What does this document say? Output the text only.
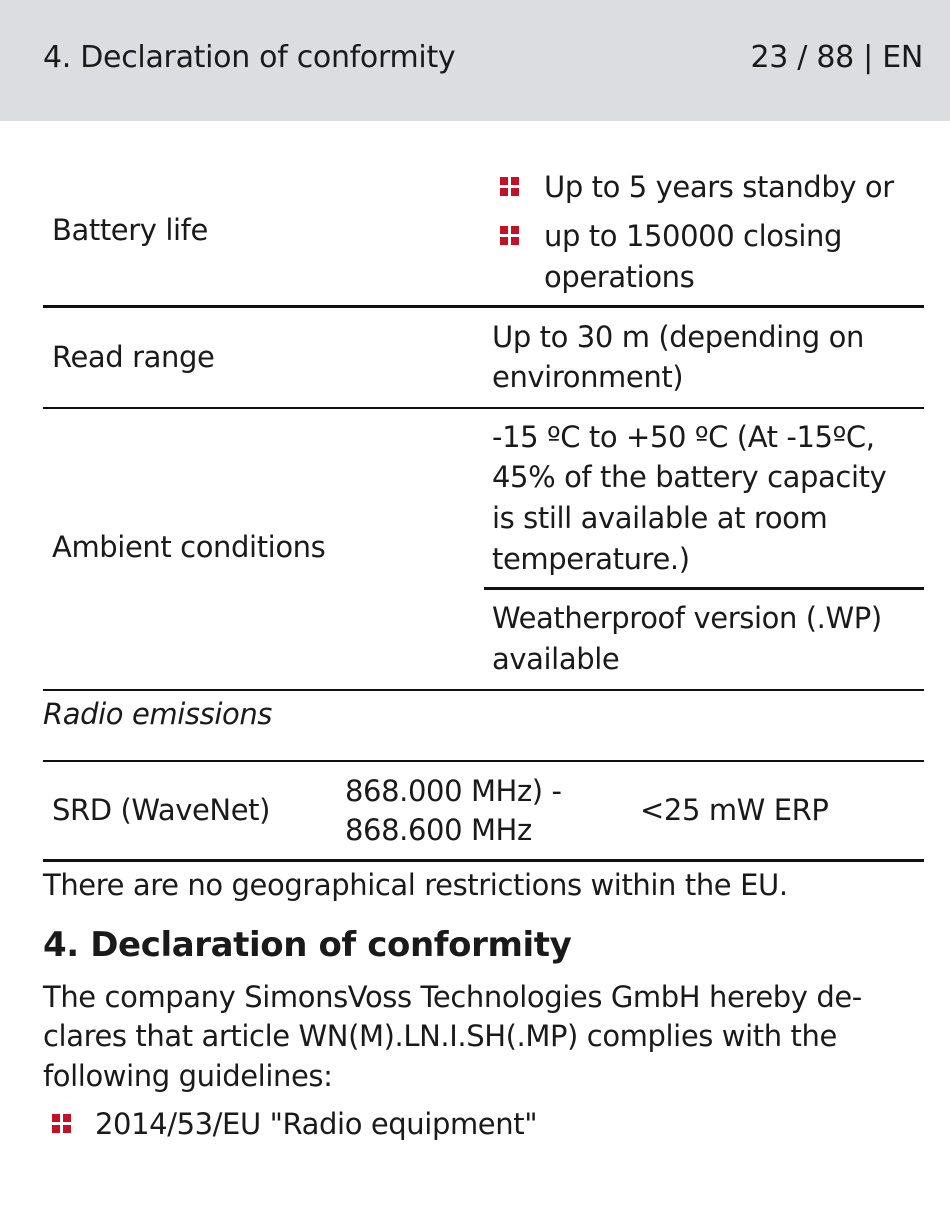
4. Declaration of conformity	23 / 88 | EN
Battery life
Up to 5 years standby or
up to 150000 closing
operations
Read range
Up to 30 m (depending on
environment)
Ambient conditions
-15 ºC to +50 ºC (At -15ºC,
45% of the battery capacity
is still available at room
temperature.)
Weatherproof version (.WP)
available
Radio emissions
SRD (WaveNet)
868.000 MHz) -
868.600 MHz
<25 mW ERP
There are no geographical restrictions within the EU.
4. Declaration of conformity
The company SimonsVoss Technologies GmbH hereby de-
clares that article WN(M).LN.I.SH(.MP) complies with the
following guidelines:
2014/53/EU "Radio equipment"
